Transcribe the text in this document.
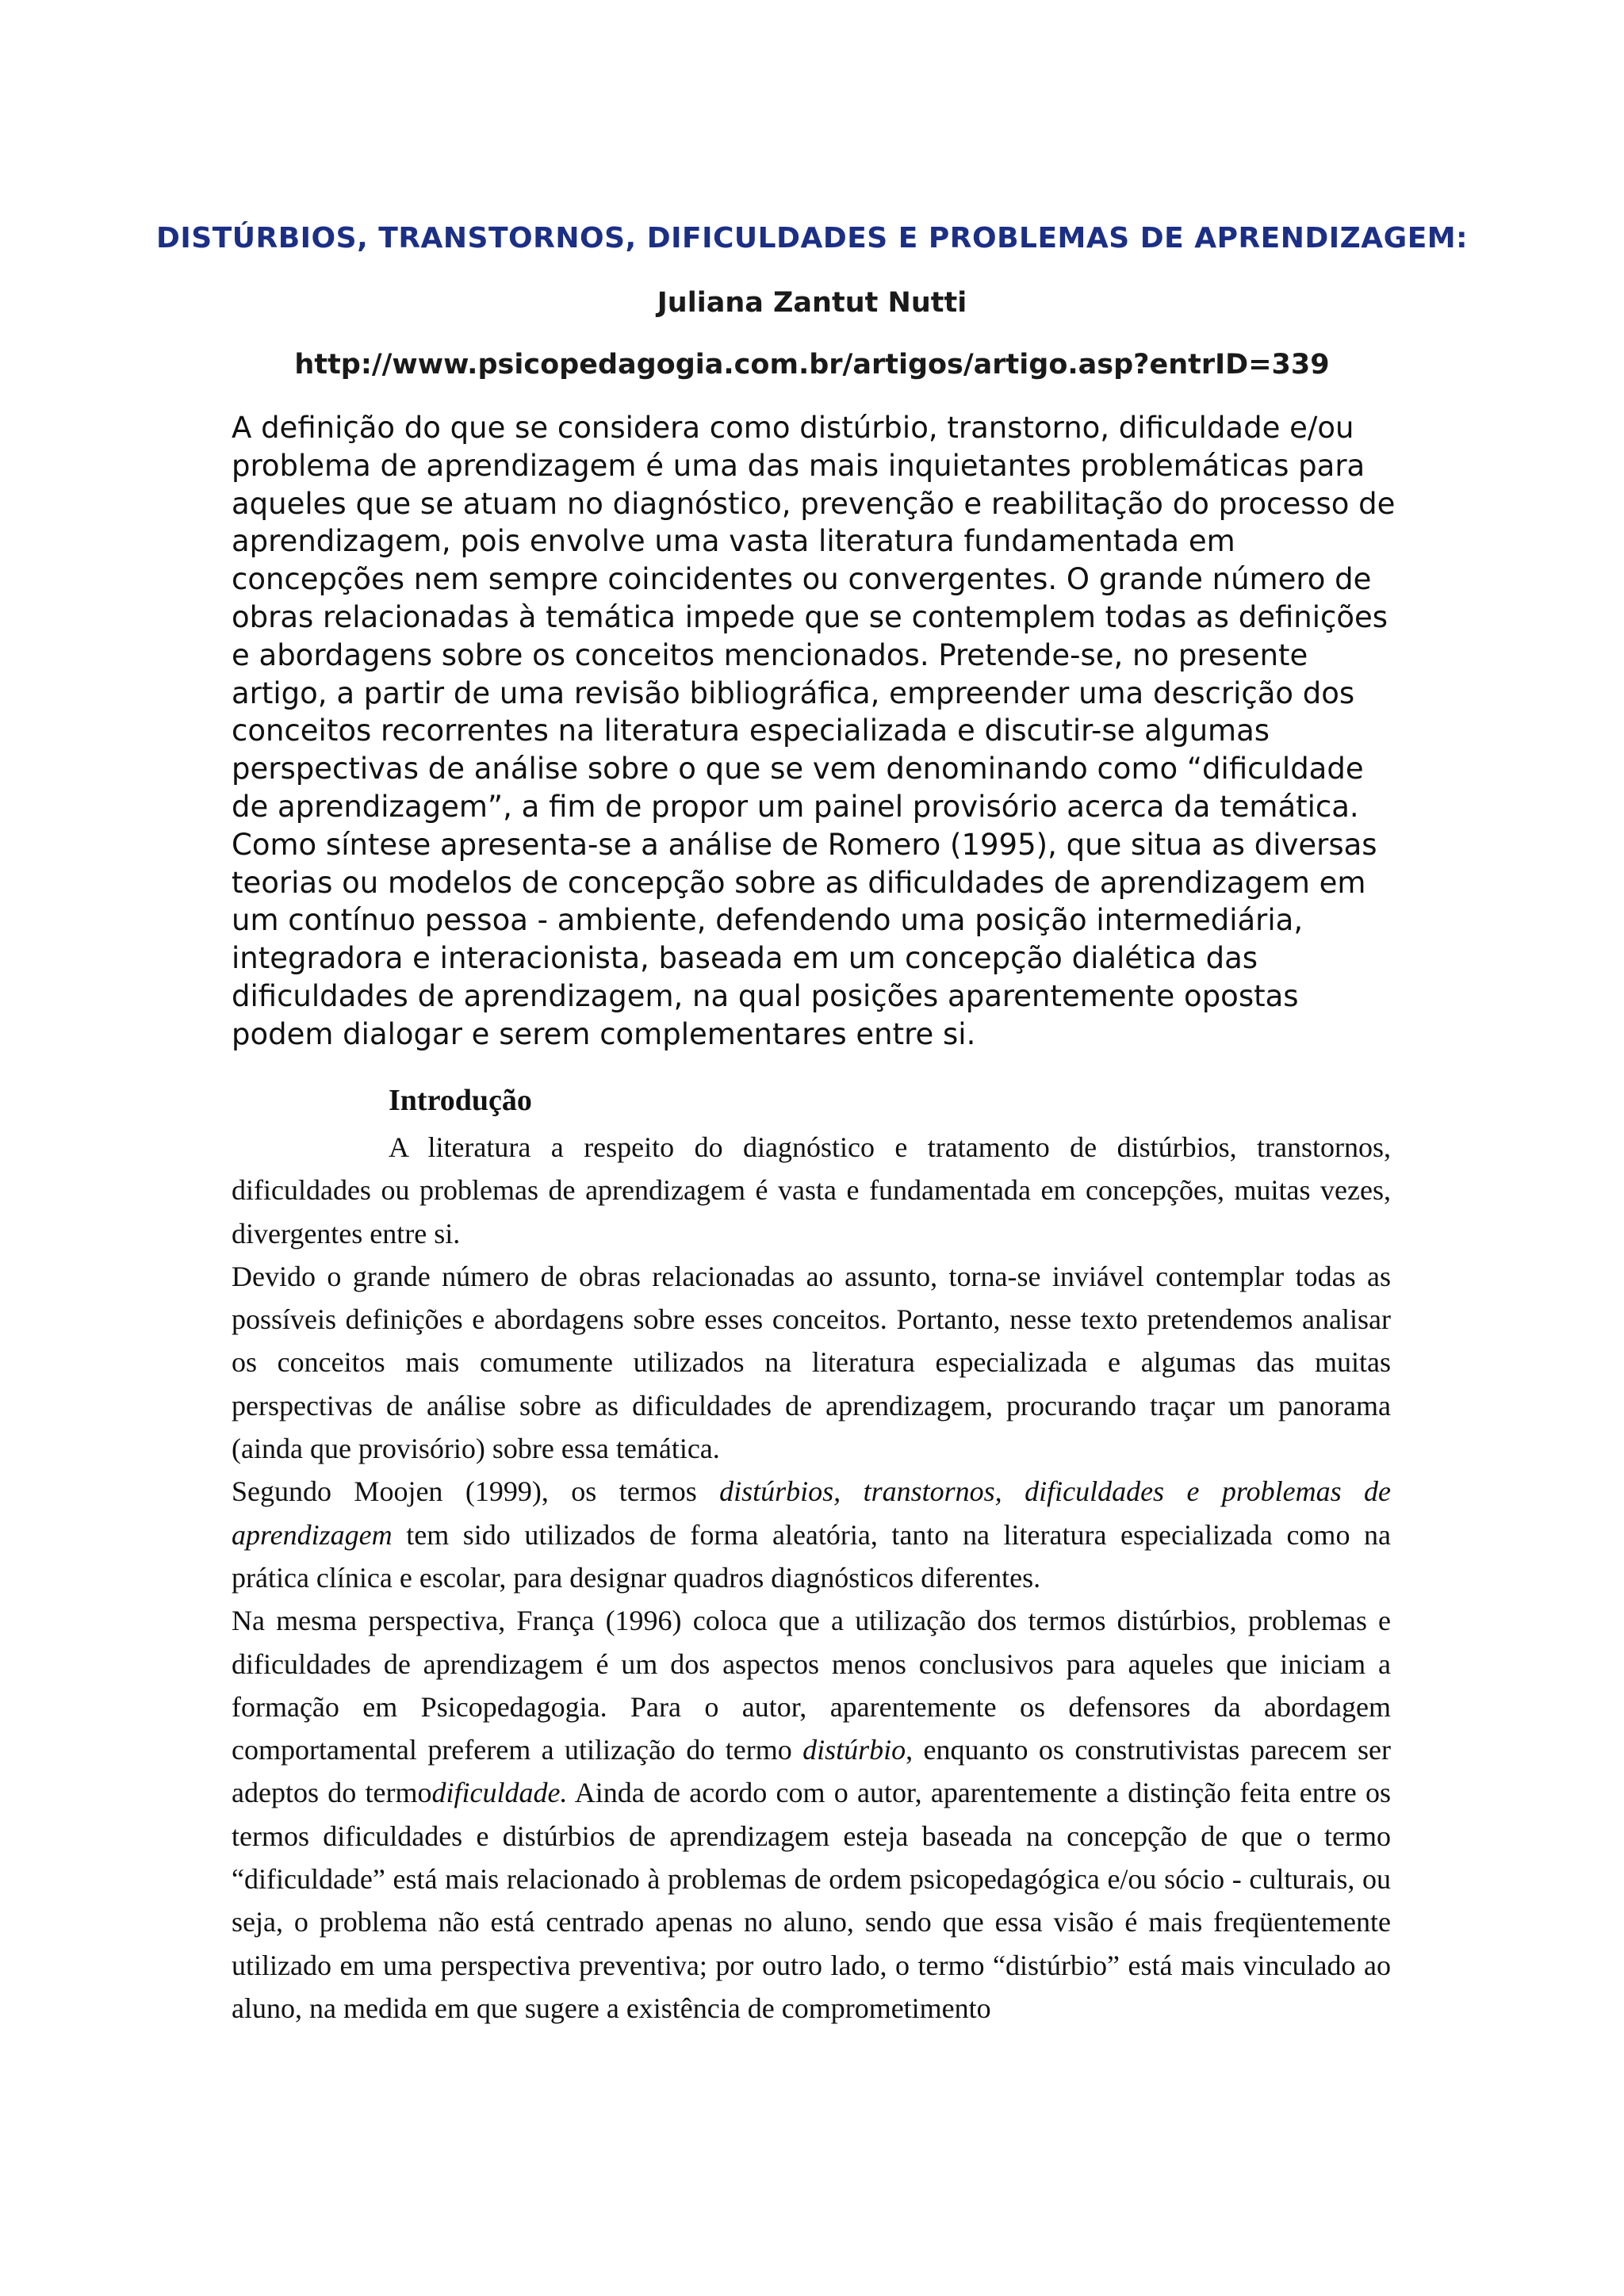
DISTÚRBIOS, TRANSTORNOS, DIFICULDADES E PROBLEMAS DE APRENDIZAGEM:
Juliana Zantut Nutti
http://www.psicopedagogia.com.br/artigos/artigo.asp?entrID=339
A definição do que se considera como distúrbio, transtorno, dificuldade e/ou
problema de aprendizagem é uma das mais inquietantes problemáticas para
aqueles que se atuam no diagnóstico, prevenção e reabilitação do processo de
aprendizagem, pois envolve uma vasta literatura fundamentada em
concepções nem sempre coincidentes ou convergentes. O grande número de
obras relacionadas à temática impede que se contemplem todas as definições
e abordagens sobre os conceitos mencionados. Pretende-se, no presente
artigo, a partir de uma revisão bibliográfica, empreender uma descrição dos
conceitos recorrentes na literatura especializada e discutir-se algumas
perspectivas de análise sobre o que se vem denominando como “dificuldade
de aprendizagem”, a fim de propor um painel provisório acerca da temática.
Como síntese apresenta-se a análise de Romero (1995), que situa as diversas
teorias ou modelos de concepção sobre as dificuldades de aprendizagem em
um contínuo pessoa - ambiente, defendendo uma posição intermediária,
integradora e interacionista, baseada em um concepção dialética das
dificuldades de aprendizagem, na qual posições aparentemente opostas
podem dialogar e serem complementares entre si.
Introdução

A literatura a respeito do diagnóstico e tratamento de distúrbios, transtornos, dificuldades ou problemas de aprendizagem é vasta e fundamentada em concepções, muitas vezes, divergentes entre si.

Devido o grande número de obras relacionadas ao assunto, torna-se inviável contemplar todas as possíveis definições e abordagens sobre esses conceitos. Portanto, nesse texto pretendemos analisar os conceitos mais comumente utilizados na literatura especializada e algumas das muitas perspectivas de análise sobre as dificuldades de aprendizagem, procurando traçar um panorama (ainda que provisório) sobre essa temática.

Segundo Moojen (1999), os termos distúrbios, transtornos, dificuldades e problemas de aprendizagem tem sido utilizados de forma aleatória, tanto na literatura especializada como na prática clínica e escolar, para designar quadros diagnósticos diferentes.

Na mesma perspectiva, França (1996) coloca que a utilização dos termos distúrbios, problemas e dificuldades de aprendizagem é um dos aspectos menos conclusivos para aqueles que iniciam a formação em Psicopedagogia. Para o autor, aparentemente os defensores da abordagem comportamental preferem a utilização do termo distúrbio, enquanto os construtivistas parecem ser adeptos do termodificuldade. Ainda de acordo com o autor, aparentemente a distinção feita entre os termos dificuldades e distúrbios de aprendizagem esteja baseada na concepção de que o termo “dificuldade” está mais relacionado à problemas de ordem psicopedagógica e/ou sócio - culturais, ou seja, o problema não está centrado apenas no aluno, sendo que essa visão é mais freqüentemente utilizado em uma perspectiva preventiva; por outro lado, o termo “distúrbio” está mais vinculado ao aluno, na medida em que sugere a existência de comprometimento
